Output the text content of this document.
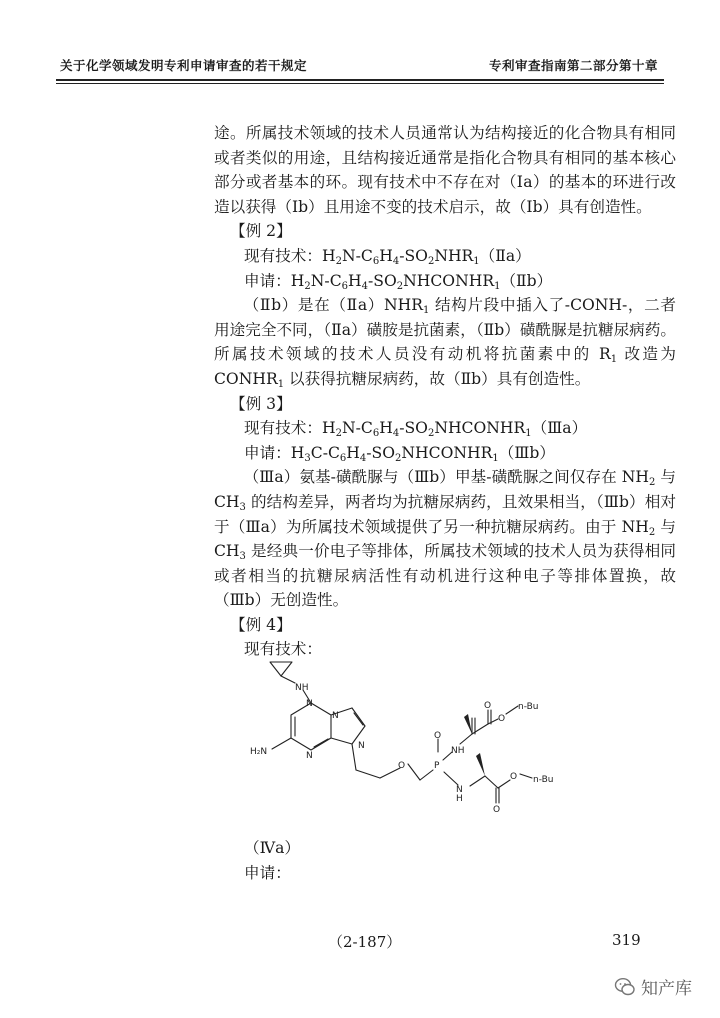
关于化学领域发明专利申请审查的若干规定	专利审查指南第二部分第十章
途。所属技术领域的技术人员通常认为结构接近的化合物具有相同或者类似的用途，且结构接近通常是指化合物具有相同的基本核心部分或者基本的环。现有技术中不存在对（Ⅰa）的基本的环进行改造以获得（Ⅰb）且用途不变的技术启示，故（Ⅰb）具有创造性。
【例 2】
现有技术：$H_2N-C_6H_4-SO_2NHR_1(Ⅱa)$
申请：$H_2N-C_6H_4-SO_2NHCONHR_1(Ⅱb)$
（Ⅱb）是在$(Ⅱa)NHR_1$ 结构片段中插入了-CONH-，二者用途完全不同，（Ⅱa）磺胺是抗菌素，（Ⅱb）磺酰脲是抗糖尿病药。所属技术领域的技术人员没有动机将抗菌素中的 $R_1$ 改造为 $CONHR_1$ 以获得抗糖尿病药，故（Ⅱb）具有创造性。
【例 3】
现有技术：$H_2N-C_6H_4-SO_2NHCONHR_1(Ⅲa)$
申请：$H_3C-C_6H_4-SO_2NHCONHR_1(Ⅲb)$
（Ⅲa）氨基-磺酰脲与（Ⅲb）甲基-磺酰脲之间仅存在 $NH_2$ 与 $CH_3$ 的结构差异，两者均为抗糖尿病药，且效果相当，（Ⅲb）相对于（Ⅲa）为所属技术领域提供了另一种抗糖尿病药。由于 $NH_2$ 与 $CH_3$ 是经典一价电子等排体，所属技术领域的技术人员为获得相同或者相当的抗糖尿病活性有动机进行这种电子等排体置换，故（Ⅲb）无创造性。
【例 4】
现有技术：
NH
N
N
N
N
H₂N
O
O
P
NH
N
H
O
O
n-Bu
O
O n-Bu
（Ⅳa）
申请：
（2-187）	319
知产库
